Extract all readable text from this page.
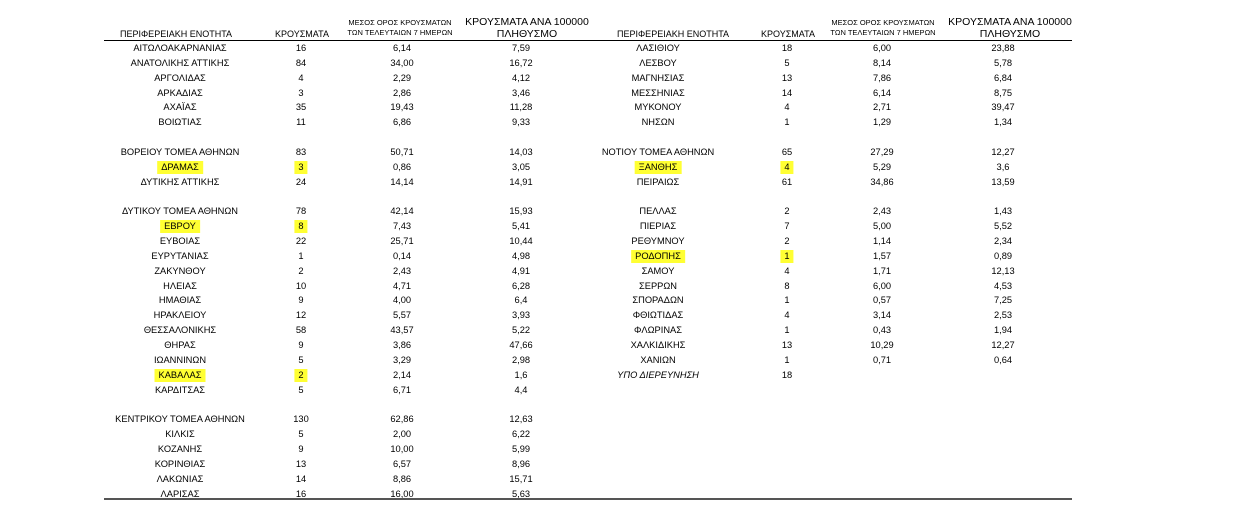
ΠΕΡΙΦΕΡΕΙΑΚΗ ΕΝΟΤΗΤΑ	ΚΡΟΥΣΜΑΤΑ
ΜΕΣΟΣ ΟΡΟΣ ΚΡΟΥΣΜΑΤΩΝ
ΤΩΝ ΤΕΛΕΥΤΑΙΩΝ 7 ΗΜΕΡΩΝ
ΚΡΟΥΣΜΑΤΑ ΑΝΑ 100000
ΠΛΗΘΥΣΜΟ	ΠΕΡΙΦΕΡΕΙΑΚΗ ΕΝΟΤΗΤΑ	ΚΡΟΥΣΜΑΤΑ
ΜΕΣΟΣ ΟΡΟΣ ΚΡΟΥΣΜΑΤΩΝ
ΤΩΝ ΤΕΛΕΥΤΑΙΩΝ 7 ΗΜΕΡΩΝ
ΚΡΟΥΣΜΑΤΑ ΑΝΑ 100000
ΠΛΗΘΥΣΜΟ
ΑΙΤΩΛΟΑΚΑΡΝΑΝΙΑΣ	16	6,14	7,59
ΑΝΑΤΟΛΙΚΗΣ ΑΤΤΙΚΗΣ	84	34,00	16,72
ΑΡΓΟΛΙΔΑΣ	4	2,29	4,12
ΑΡΚΑΔΙΑΣ	3	2,86	3,46
ΑΧΑΪΑΣ	35	19,43	11,28
ΒΟΙΩΤΙΑΣ	11	6,86	9,33
ΒΟΡΕΙΟΥ ΤΟΜΕΑ ΑΘΗΝΩΝ	83	50,71	14,03
ΔΡΑΜΑΣ	3	0,86	3,05
ΔΥΤΙΚΗΣ ΑΤΤΙΚΗΣ	24	14,14	14,91
ΔΥΤΙΚΟΥ ΤΟΜΕΑ ΑΘΗΝΩΝ	78	42,14	15,93
ΕΒΡΟΥ	8	7,43	5,41
ΕΥΒΟΙΑΣ	22	25,71	10,44
ΕΥΡΥΤΑΝΙΑΣ	1	0,14	4,98
ΖΑΚΥΝΘΟΥ	2	2,43	4,91
ΗΛΕΙΑΣ	10	4,71	6,28
ΗΜΑΘΙΑΣ	9	4,00	6,4
ΗΡΑΚΛΕΙΟΥ	12	5,57	3,93
ΘΕΣΣΑΛΟΝΙΚΗΣ	58	43,57	5,22
ΘΗΡΑΣ	9	3,86	47,66
ΙΩΑΝΝΙΝΩΝ	5	3,29	2,98
ΚΑΒΑΛΑΣ	2	2,14	1,6
ΚΑΡΔΙΤΣΑΣ	5	6,71	4,4
ΚΕΝΤΡΙΚΟΥ ΤΟΜΕΑ ΑΘΗΝΩΝ	130	62,86	12,63
ΚΙΛΚΙΣ	5	2,00	6,22
ΚΟΖΑΝΗΣ	9	10,00	5,99
ΚΟΡΙΝΘΙΑΣ	13	6,57	8,96
ΛΑΚΩΝΙΑΣ	14	8,86	15,71
ΛΑΡΙΣΑΣ	16	16,00	5,63
ΛΑΣΙΘΙΟΥ	18	6,00	23,88
ΛΕΣΒΟΥ	5	8,14	5,78
ΜΑΓΝΗΣΙΑΣ	13	7,86	6,84
ΜΕΣΣΗΝΙΑΣ	14	6,14	8,75
ΜΥΚΟΝΟΥ	4	2,71	39,47
ΝΗΣΩΝ	1	1,29	1,34
ΝΟΤΙΟΥ ΤΟΜΕΑ ΑΘΗΝΩΝ	65	27,29	12,27
ΞΑΝΘΗΣ	4	5,29	3,6
ΠΕΙΡΑΙΩΣ	61	34,86	13,59
ΠΕΛΛΑΣ	2	2,43	1,43
ΠΙΕΡΙΑΣ	7	5,00	5,52
ΡΕΘΥΜΝΟΥ	2	1,14	2,34
ΡΟΔΟΠΗΣ	1	1,57	0,89
ΣΑΜΟΥ	4	1,71	12,13
ΣΕΡΡΩΝ	8	6,00	4,53
ΣΠΟΡΑΔΩΝ	1	0,57	7,25
ΦΘΙΩΤΙΔΑΣ	4	3,14	2,53
ΦΛΩΡΙΝΑΣ	1	0,43	1,94
ΧΑΛΚΙΔΙΚΗΣ	13	10,29	12,27
ΧΑΝΙΩΝ	1	0,71	0,64
ΥΠΟ ΔΙΕΡΕΥΝΗΣΗ	18
